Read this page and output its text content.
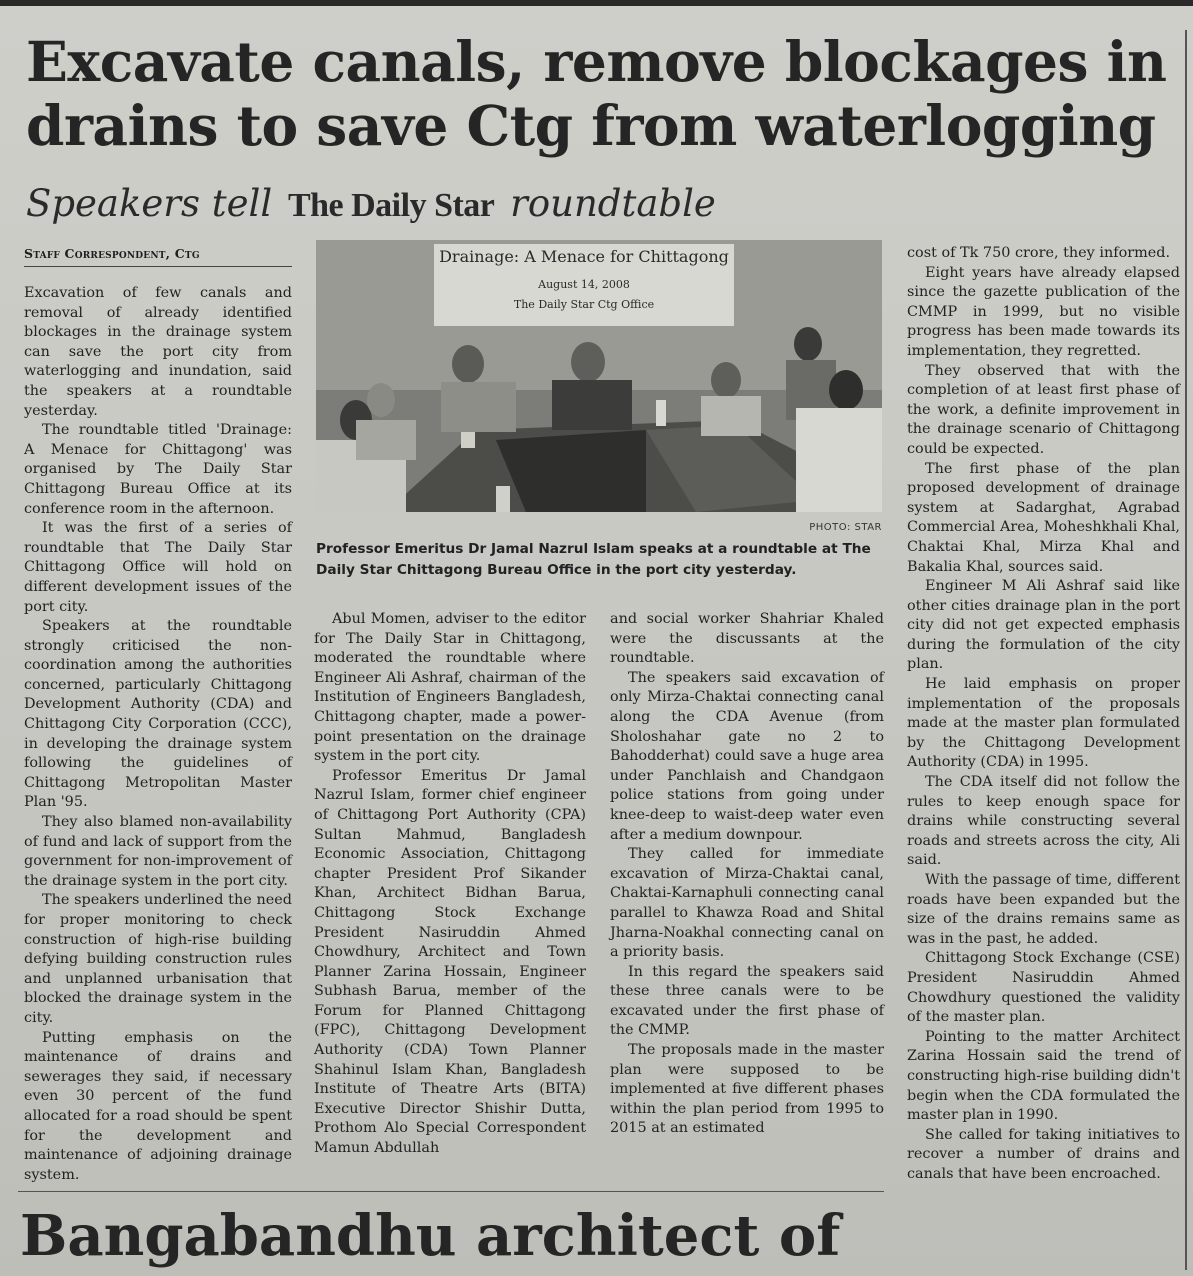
Excavate canals, remove blockages in
drains to save Ctg from waterlogging
Speakers tell The Daily Star roundtable
Staff Correspondent, Ctg

Excavation of few canals and removal of already identified blockages in the drainage system can save the port city from waterlogging and inundation, said the speakers at a roundtable yesterday.

The roundtable titled 'Drainage: A Menace for Chittagong' was organised by The Daily Star Chittagong Bureau Office at its conference room in the afternoon.

It was the first of a series of roundtable that The Daily Star Chittagong Office will hold on different development issues of the port city.

Speakers at the roundtable strongly criticised the non-coordination among the authorities concerned, particularly Chittagong Development Authority (CDA) and Chittagong City Corporation (CCC), in developing the drainage system following the guidelines of Chittagong Metropolitan Master Plan '95.

They also blamed non-availability of fund and lack of support from the government for non-improvement of the drainage system in the port city.

The speakers underlined the need for proper monitoring to check construction of high-rise building defying building construction rules and unplanned urbanisation that blocked the drainage system in the city.

Putting emphasis on the maintenance of drains and sewerages they said, if necessary even 30 percent of the fund allocated for a road should be spent for the development and maintenance of adjoining drainage system.

Drainage: A Menace for Chittagong
August 14, 2008
The Daily Star Ctg Office
PHOTO: STAR
Professor Emeritus Dr Jamal Nazrul Islam speaks at a roundtable at The Daily Star Chittagong Bureau Office in the port city yesterday.

Abul Momen, adviser to the editor for The Daily Star in Chittagong, moderated the roundtable where Engineer Ali Ashraf, chairman of the Institution of Engineers Bangladesh, Chittagong chapter, made a power-point presentation on the drainage system in the port city.

Professor Emeritus Dr Jamal Nazrul Islam, former chief engineer of Chittagong Port Authority (CPA) Sultan Mahmud, Bangladesh Economic Association, Chittagong chapter President Prof Sikander Khan, Architect Bidhan Barua, Chittagong Stock Exchange President Nasiruddin Ahmed Chowdhury, Architect and Town Planner Zarina Hossain, Engineer Subhash Barua, member of the Forum for Planned Chittagong (FPC), Chittagong Development Authority (CDA) Town Planner Shahinul Islam Khan, Bangladesh Institute of Theatre Arts (BITA) Executive Director Shishir Dutta, Prothom Alo Special Correspondent Mamun Abdullah

and social worker Shahriar Khaled were the discussants at the roundtable.

The speakers said excavation of only Mirza-Chaktai connecting canal along the CDA Avenue (from Sholoshahar gate no 2 to Bahodderhat) could save a huge area under Panchlaish and Chandgaon police stations from going under knee-deep to waist-deep water even after a medium downpour.

They called for immediate excavation of Mirza-Chaktai canal, Chaktai-Karnaphuli connecting canal parallel to Khawza Road and Shital Jharna-Noakhal connecting canal on a priority basis.

In this regard the speakers said these three canals were to be excavated under the first phase of the CMMP.

The proposals made in the master plan were supposed to be implemented at five different phases within the plan period from 1995 to 2015 at an estimated

cost of Tk 750 crore, they informed.

Eight years have already elapsed since the gazette publication of the CMMP in 1999, but no visible progress has been made towards its implementation, they regretted.

They observed that with the completion of at least first phase of the work, a definite improvement in the drainage scenario of Chittagong could be expected.

The first phase of the plan proposed development of drainage system at Sadarghat, Agrabad Commercial Area, Moheshkhali Khal, Chaktai Khal, Mirza Khal and Bakalia Khal, sources said.

Engineer M Ali Ashraf said like other cities drainage plan in the port city did not get expected emphasis during the formulation of the city plan.

He laid emphasis on proper implementation of the proposals made at the master plan formulated by the Chittagong Development Authority (CDA) in 1995.

The CDA itself did not follow the rules to keep enough space for drains while constructing several roads and streets across the city, Ali said.

With the passage of time, different roads have been expanded but the size of the drains remains same as was in the past, he added.

Chittagong Stock Exchange (CSE) President Nasiruddin Ahmed Chowdhury questioned the validity of the master plan.

Pointing to the matter Architect Zarina Hossain said the trend of constructing high-rise building didn't begin when the CDA formulated the master plan in 1990.

She called for taking initiatives to recover a number of drains and canals that have been encroached.

Bangabandhu architect of
